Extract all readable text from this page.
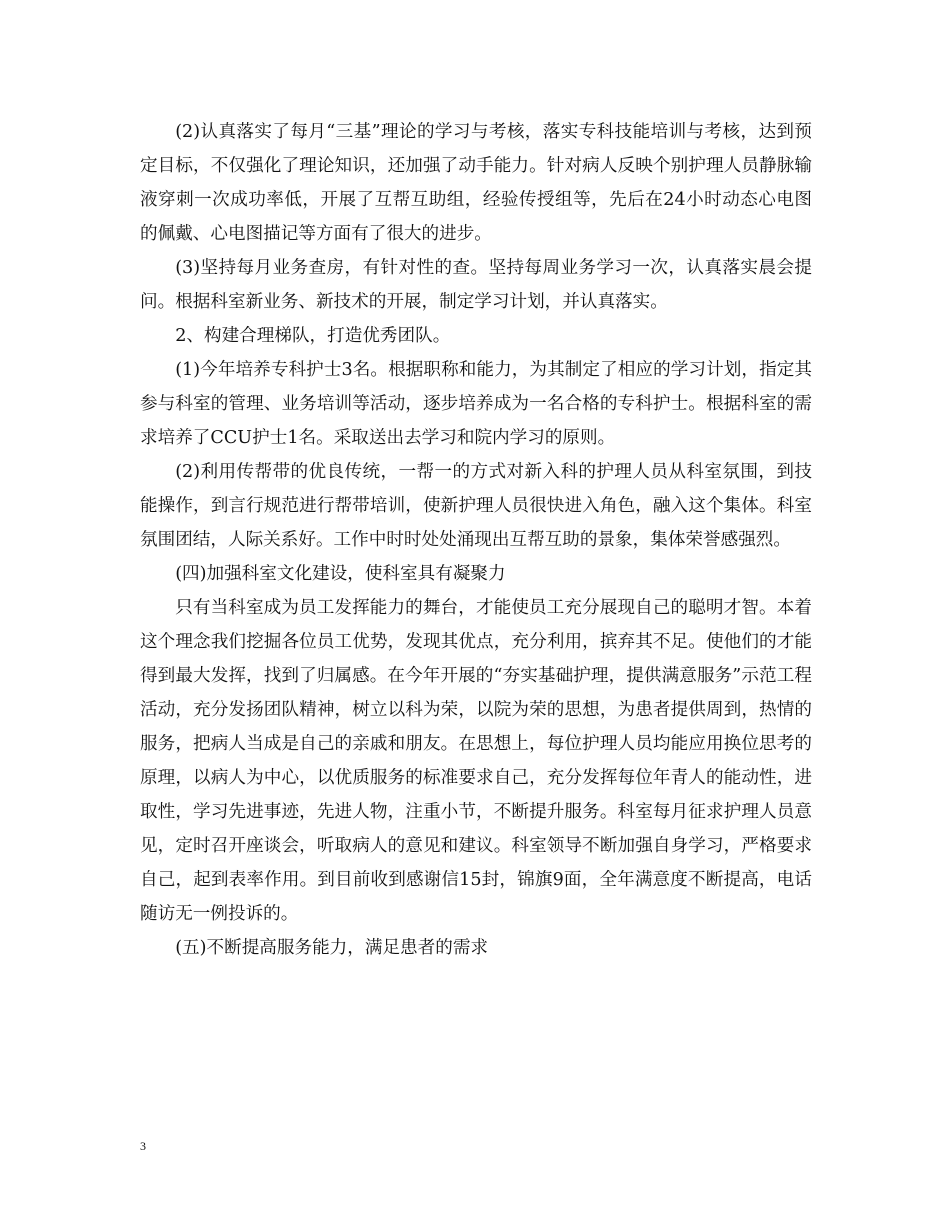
(2)认真落实了每月“三基”理论的学习与考核，落实专科技能培训与考核，达到预定目标，不仅强化了理论知识，还加强了动手能力。针对病人反映个别护理人员静脉输液穿刺一次成功率低，开展了互帮互助组，经验传授组等，先后在24小时动态心电图的佩戴、心电图描记等方面有了很大的进步。

(3)坚持每月业务查房，有针对性的查。坚持每周业务学习一次，认真落实晨会提问。根据科室新业务、新技术的开展，制定学习计划，并认真落实。

2、构建合理梯队，打造优秀团队。

(1)今年培养专科护士3名。根据职称和能力，为其制定了相应的学习计划，指定其参与科室的管理、业务培训等活动，逐步培养成为一名合格的专科护士。根据科室的需求培养了CCU护士1名。采取送出去学习和院内学习的原则。

(2)利用传帮带的优良传统，一帮一的方式对新入科的护理人员从科室氛围，到技能操作，到言行规范进行帮带培训，使新护理人员很快进入角色，融入这个集体。科室氛围团结，人际关系好。工作中时时处处涌现出互帮互助的景象，集体荣誉感强烈。

(四)加强科室文化建设，使科室具有凝聚力

只有当科室成为员工发挥能力的舞台，才能使员工充分展现自己的聪明才智。本着这个理念我们挖掘各位员工优势，发现其优点，充分利用，摈弃其不足。使他们的才能得到最大发挥，找到了归属感。在今年开展的“夯实基础护理，提供满意服务”示范工程活动，充分发扬团队精神，树立以科为荣，以院为荣的思想，为患者提供周到，热情的服务，把病人当成是自己的亲戚和朋友。在思想上，每位护理人员均能应用换位思考的原理，以病人为中心，以优质服务的标准要求自己，充分发挥每位年青人的能动性，进取性，学习先进事迹，先进人物，注重小节，不断提升服务。科室每月征求护理人员意见，定时召开座谈会，听取病人的意见和建议。科室领导不断加强自身学习，严格要求自己，起到表率作用。到目前收到感谢信15封，锦旗9面，全年满意度不断提高，电话随访无一例投诉的。

(五)不断提高服务能力，满足患者的需求

3
